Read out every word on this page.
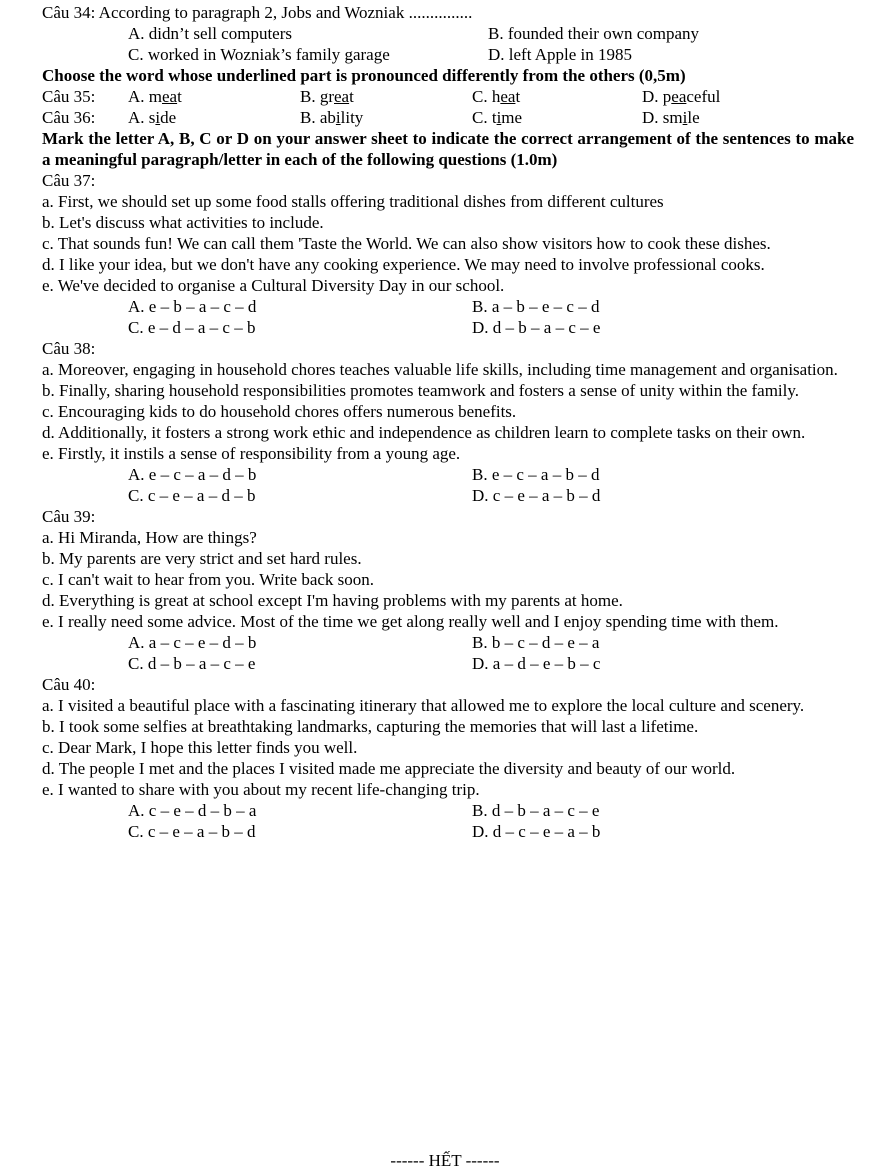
Câu 34: According to paragraph 2, Jobs and Wozniak ...............
A. didn’t sell computers	B. founded their own company
C. worked in Wozniak’s family garage	D. left Apple in 1985
Choose the word whose underlined part is pronounced differently from the others (0,5m)
Câu 35:	A. meat	B. great	C. heat	D. peaceful
Câu 36:	A. side	B. ability	C. time	D. smile
Mark the letter A, B, C or D on your answer sheet to indicate the correct arrangement of the sentences to make a meaningful paragraph/letter in each of the following questions (1.0m)
Câu 37:
a. First, we should set up some food stalls offering traditional dishes from different cultures
b. Let's discuss what activities to include.
c. That sounds fun! We can call them 'Taste the World. We can also show visitors how to cook these dishes.
d. I like your idea, but we don't have any cooking experience. We may need to involve professional cooks.
e. We've decided to organise a Cultural Diversity Day in our school.
A. e – b – a – c – d	B. a – b – e – c – d
C. e – d – a – c – b	D. d – b – a – c – e
Câu 38:
a. Moreover, engaging in household chores teaches valuable life skills, including time management and organisation.
b. Finally, sharing household responsibilities promotes teamwork and fosters a sense of unity within the family.
c. Encouraging kids to do household chores offers numerous benefits.
d. Additionally, it fosters a strong work ethic and independence as children learn to complete tasks on their own.
e. Firstly, it instils a sense of responsibility from a young age.
A. e – c – a – d – b	B. e – c – a – b – d
C. c – e – a – d – b	D. c – e – a – b – d
Câu 39:
a. Hi Miranda, How are things?
b. My parents are very strict and set hard rules.
c. I can't wait to hear from you. Write back soon.
d. Everything is great at school except I'm having problems with my parents at home.
e. I really need some advice. Most of the time we get along really well and I enjoy spending time with them.
A. a – c – e – d – b	B. b – c – d – e – a
C. d – b – a – c – e	D. a – d – e – b – c
Câu 40:
a. I visited a beautiful place with a fascinating itinerary that allowed me to explore the local culture and scenery.
b. I took some selfies at breathtaking landmarks, capturing the memories that will last a lifetime.
c. Dear Mark, I hope this letter finds you well.
d. The people I met and the places I visited made me appreciate the diversity and beauty of our world.
e. I wanted to share with you about my recent life-changing trip.
A. c – e – d – b – a	B. d – b – a – c – e
C. c – e – a – b – d	D. d – c – e – a – b
------ HẾT ------
